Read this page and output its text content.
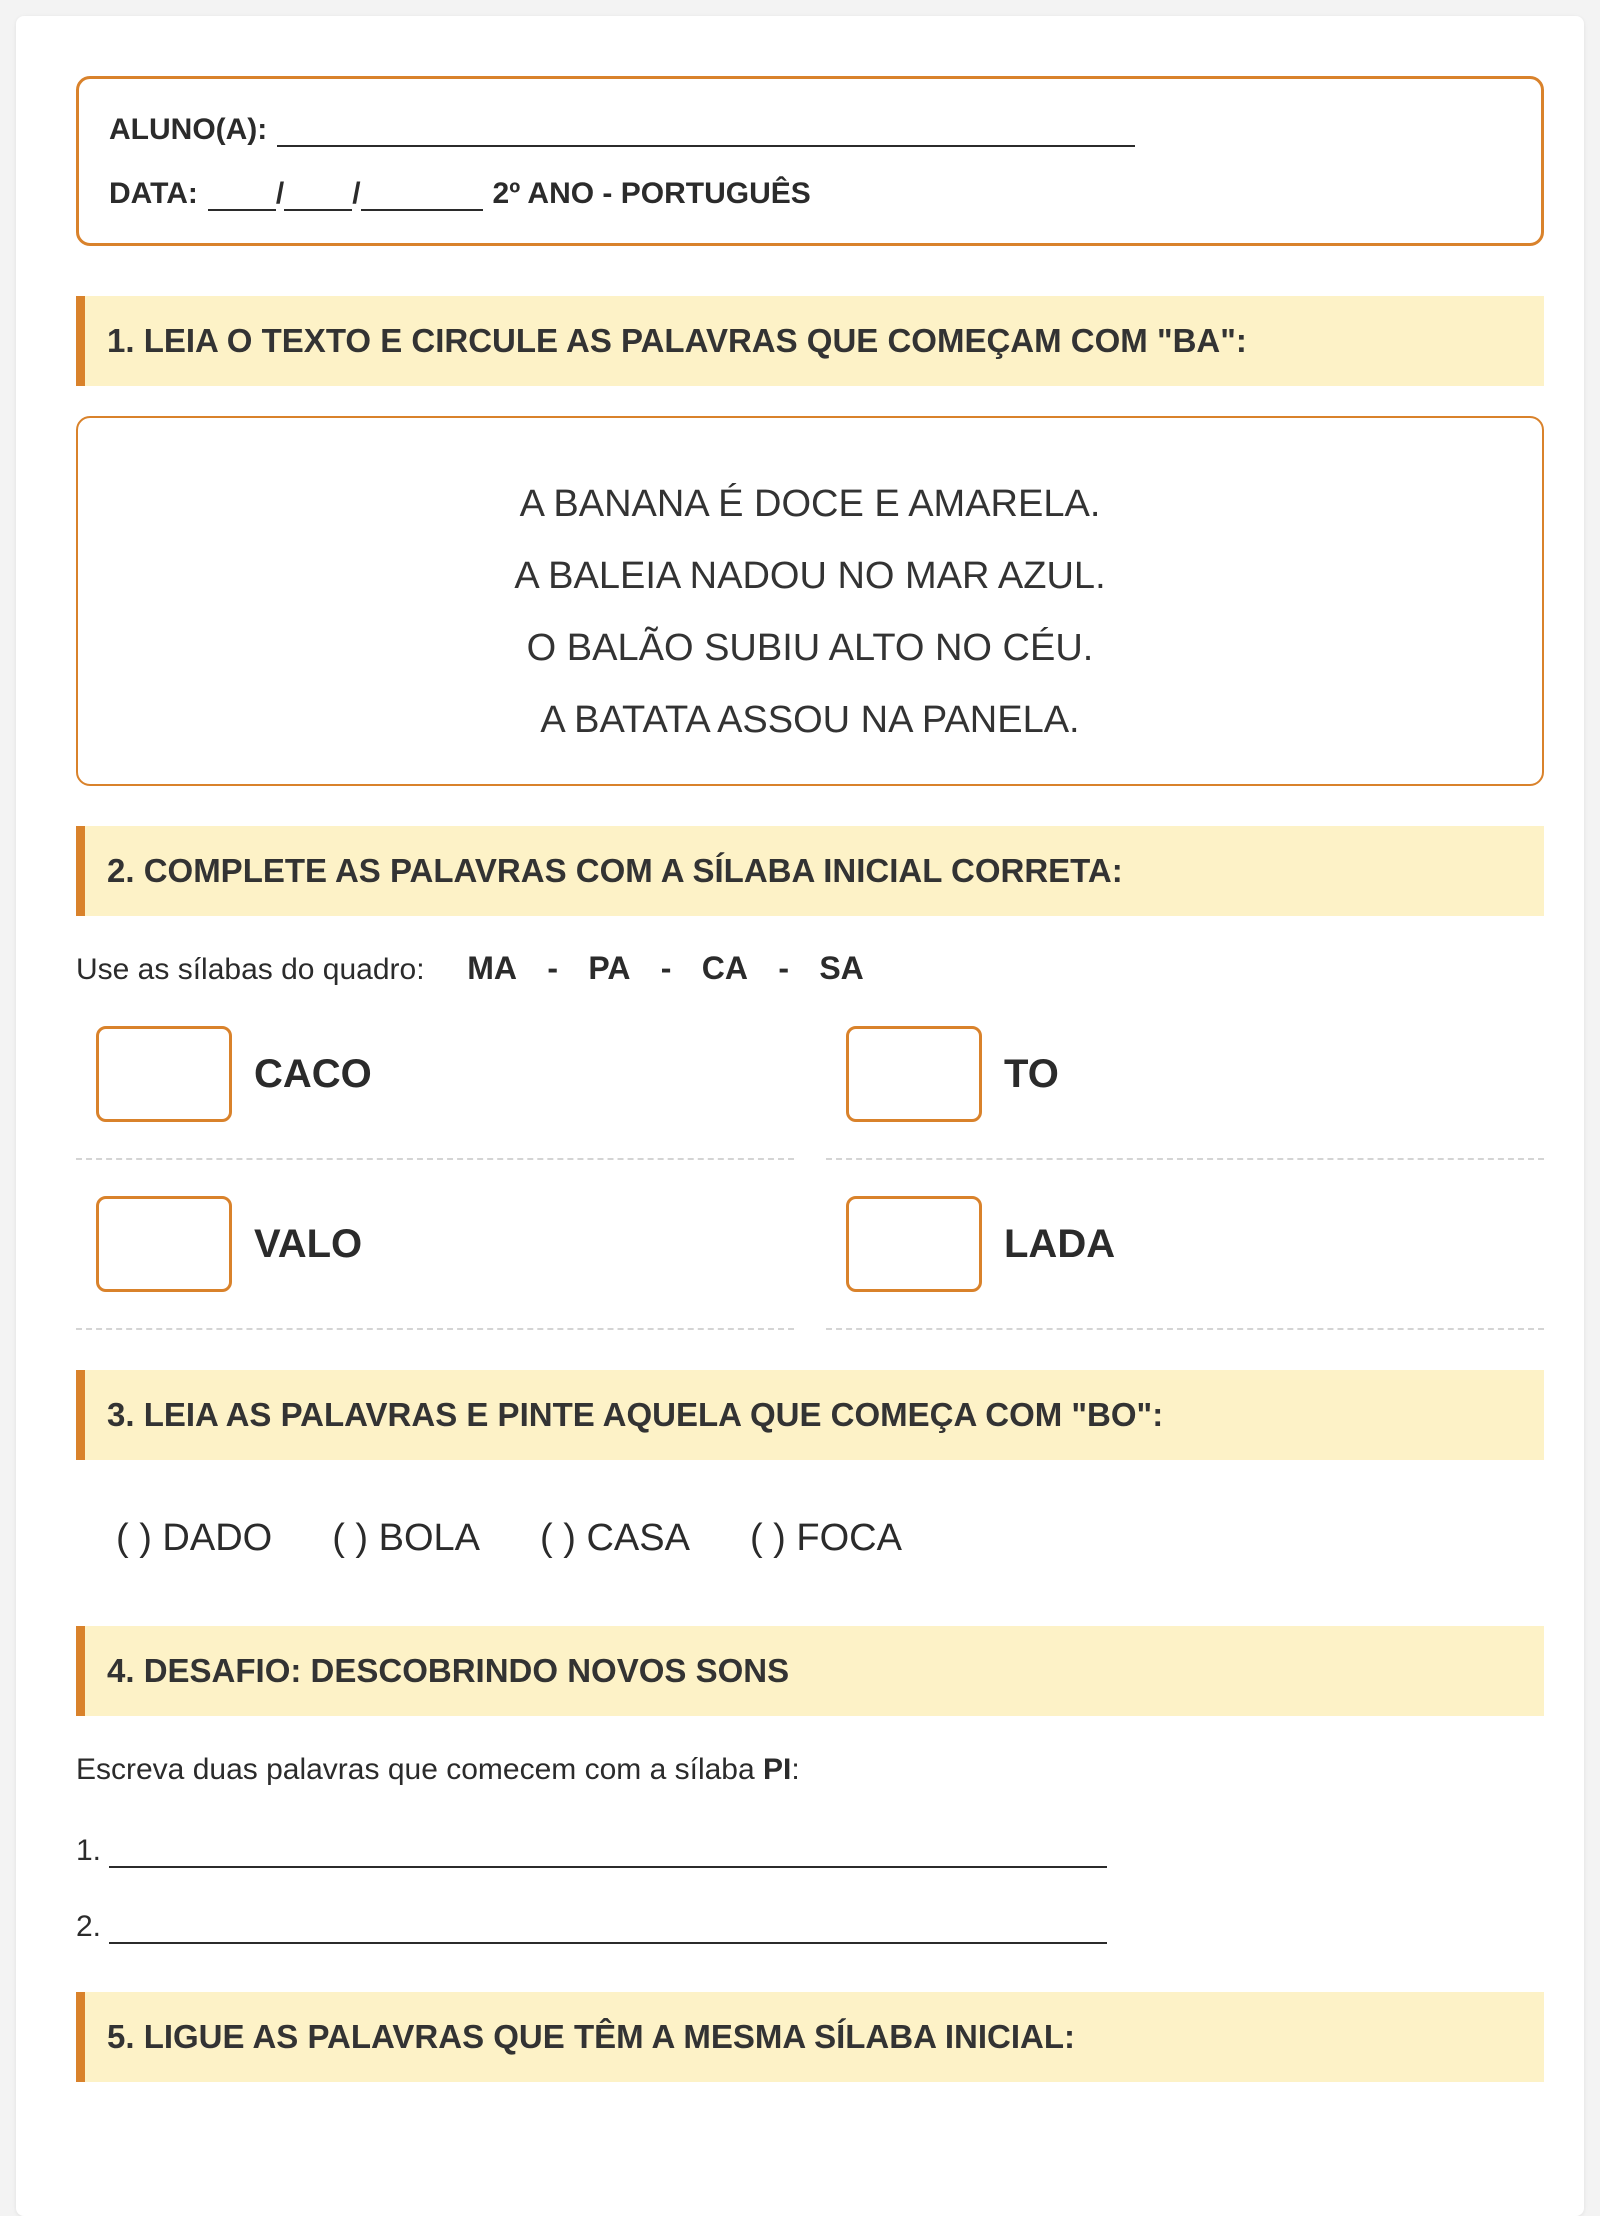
ALUNO(A):
DATA:	/ /	2º ANO - PORTUGUÊS
1. LEIA O TEXTO E CIRCULE AS PALAVRAS QUE COMEÇAM COM "BA":
A BANANA É DOCE E AMARELA.
A BALEIA NADOU NO MAR AZUL.
O BALÃO SUBIU ALTO NO CÉU.
A BATATA ASSOU NA PANELA.
2. COMPLETE AS PALAVRAS COM A SÍLABA INICIAL CORRETA:
Use as sílabas do quadro: MA - PA - CA - SA
CACO	TO
VALO	LADA
3. LEIA AS PALAVRAS E PINTE AQUELA QUE COMEÇA COM "BO":
( ) DADO ( ) BOLA ( ) CASA ( ) FOCA
4. DESAFIO: DESCOBRINDO NOVOS SONS
Escreva duas palavras que comecem com a sílaba PI:
1.
2.
5. LIGUE AS PALAVRAS QUE TÊM A MESMA SÍLABA INICIAL:
